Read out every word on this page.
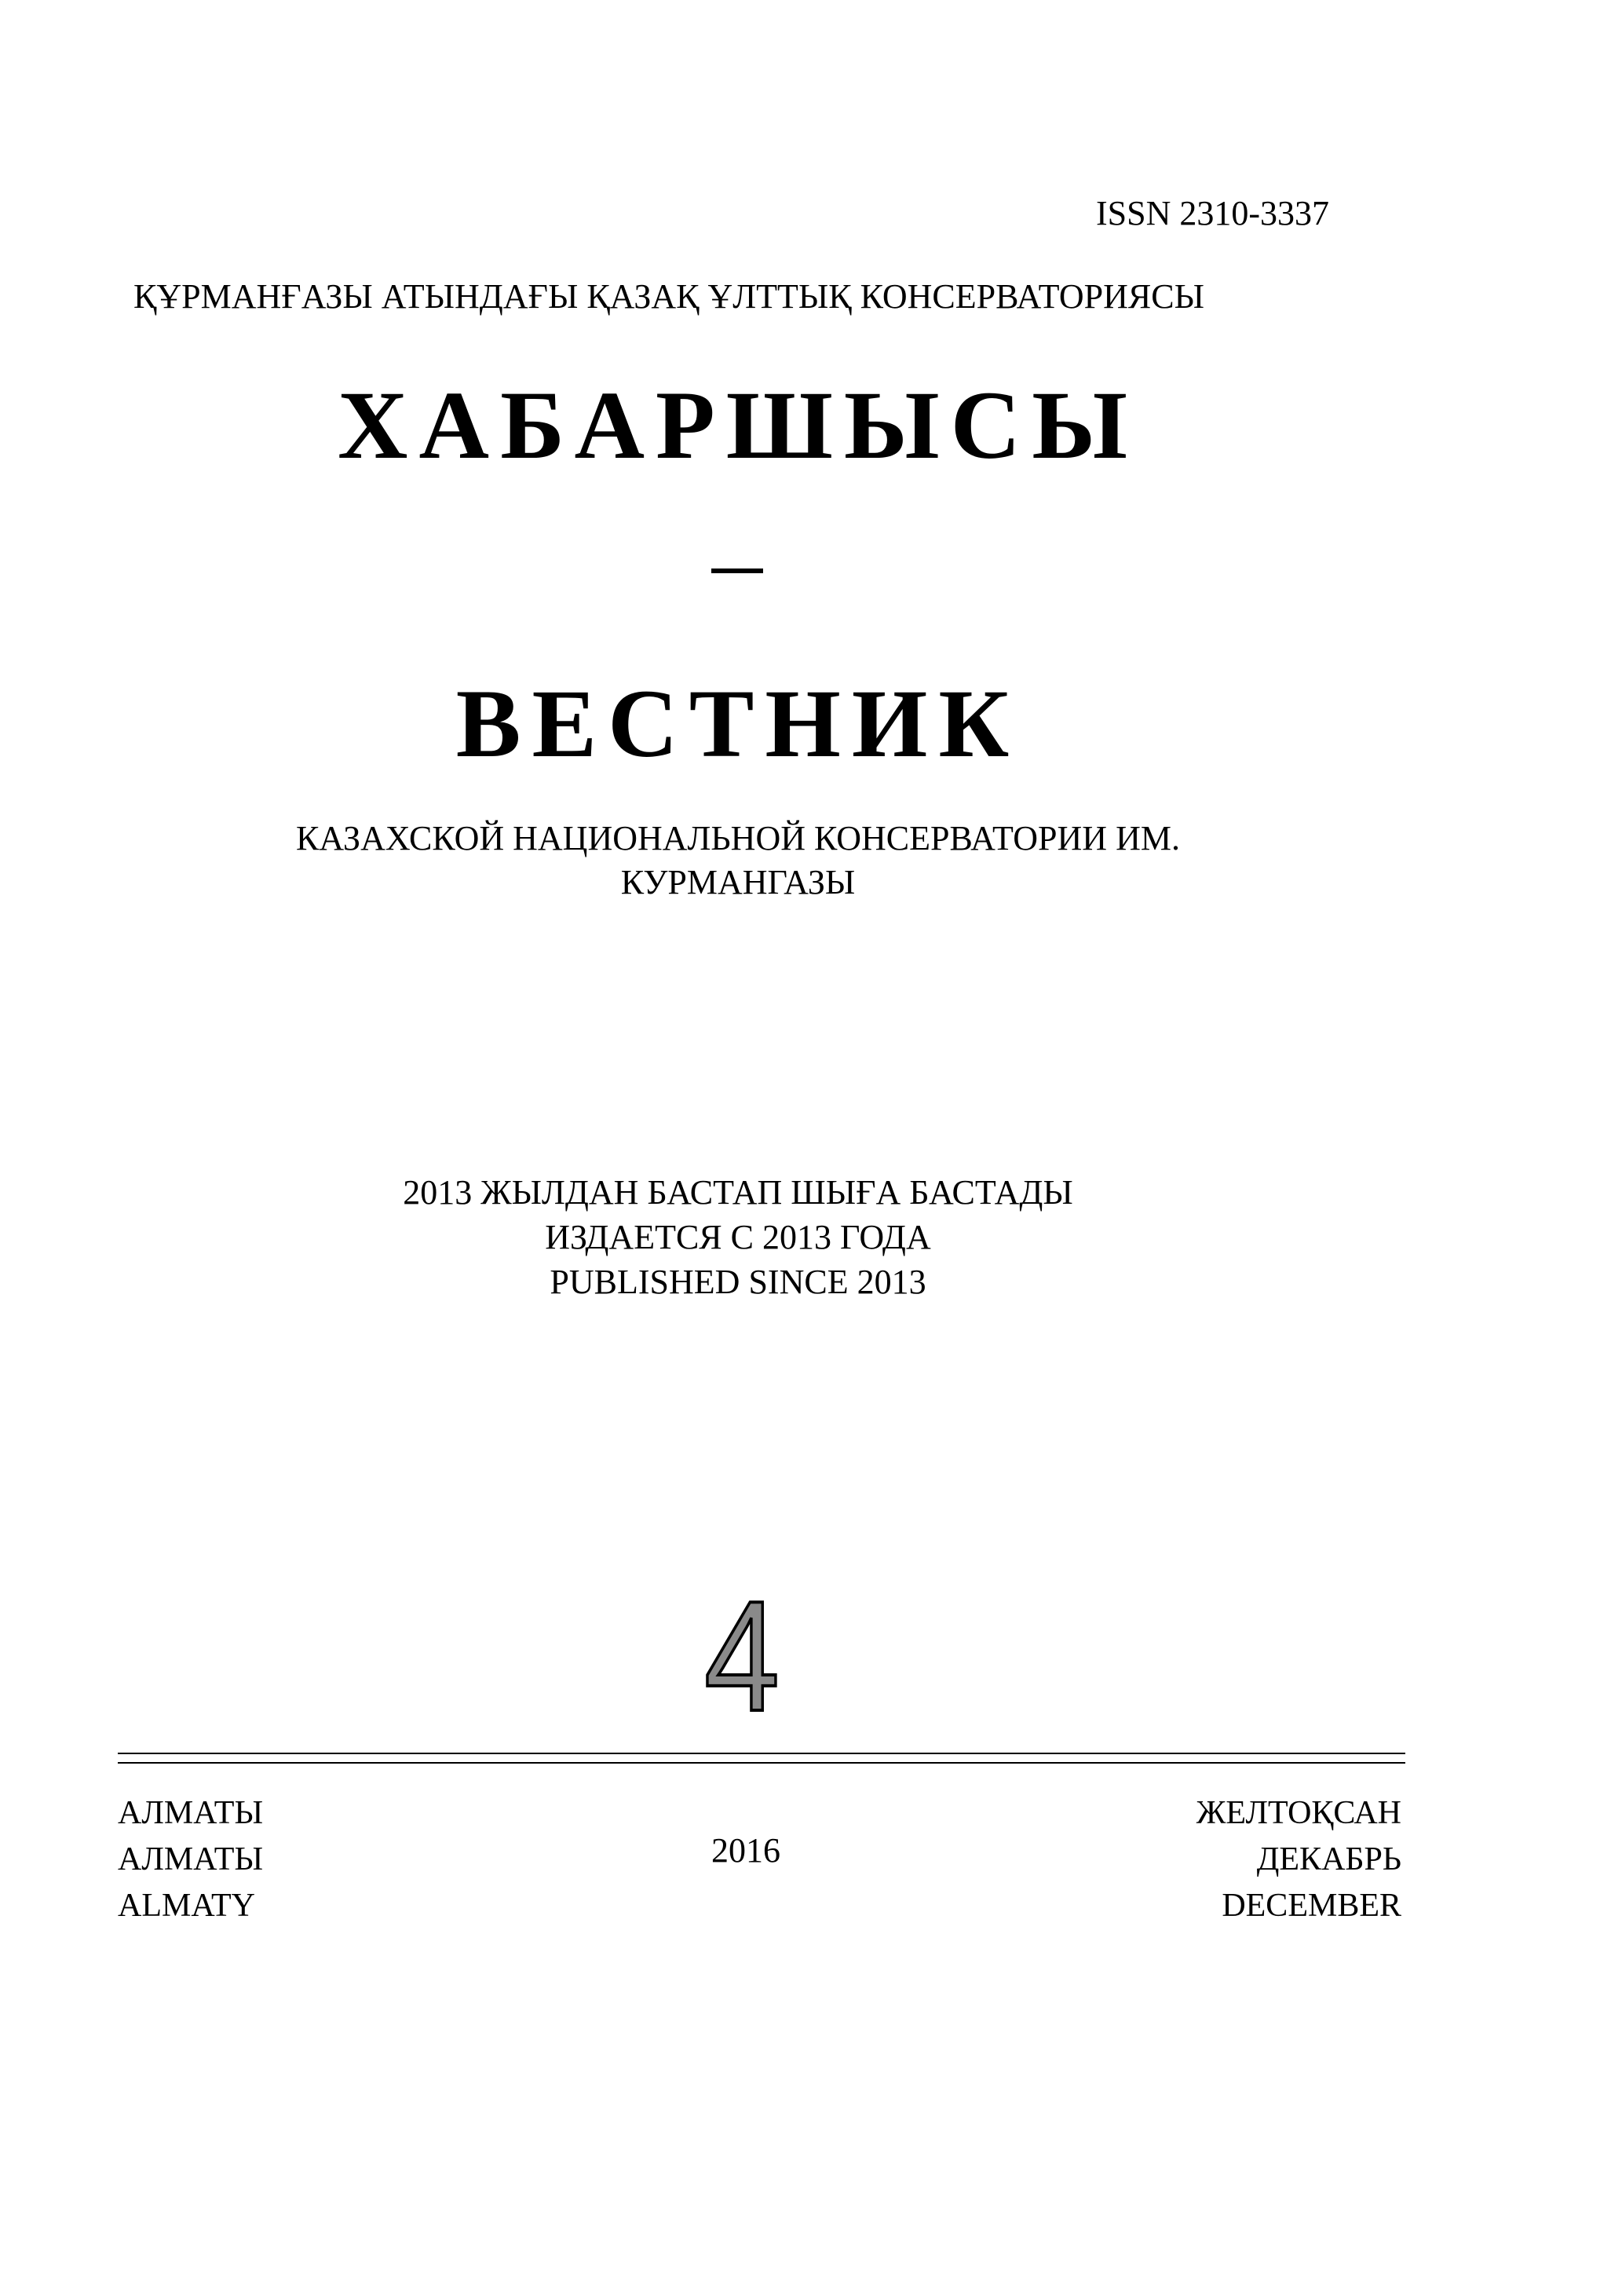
ISSN 2310-3337
ҚҰРМАНҒАЗЫ АТЫНДАҒЫ ҚАЗАҚ ҰЛТТЫҚ КОНСЕРВАТОРИЯСЫ
ХАБАРШЫСЫ
ВЕСТНИК
КАЗАХСКОЙ НАЦИОНАЛЬНОЙ КОНСЕРВАТОРИИ ИМ.
КУРМАНГАЗЫ
2013 ЖЫЛДАН БАСТАП ШЫҒА БАСТАДЫ
ИЗДАЕТСЯ С 2013 ГОДА
PUBLISHED SINCE 2013
4
АЛМАТЫ
АЛМАТЫ
ALMATY
2016
ЖЕЛТОҚСАН
ДЕКАБРЬ
DECEMBER
